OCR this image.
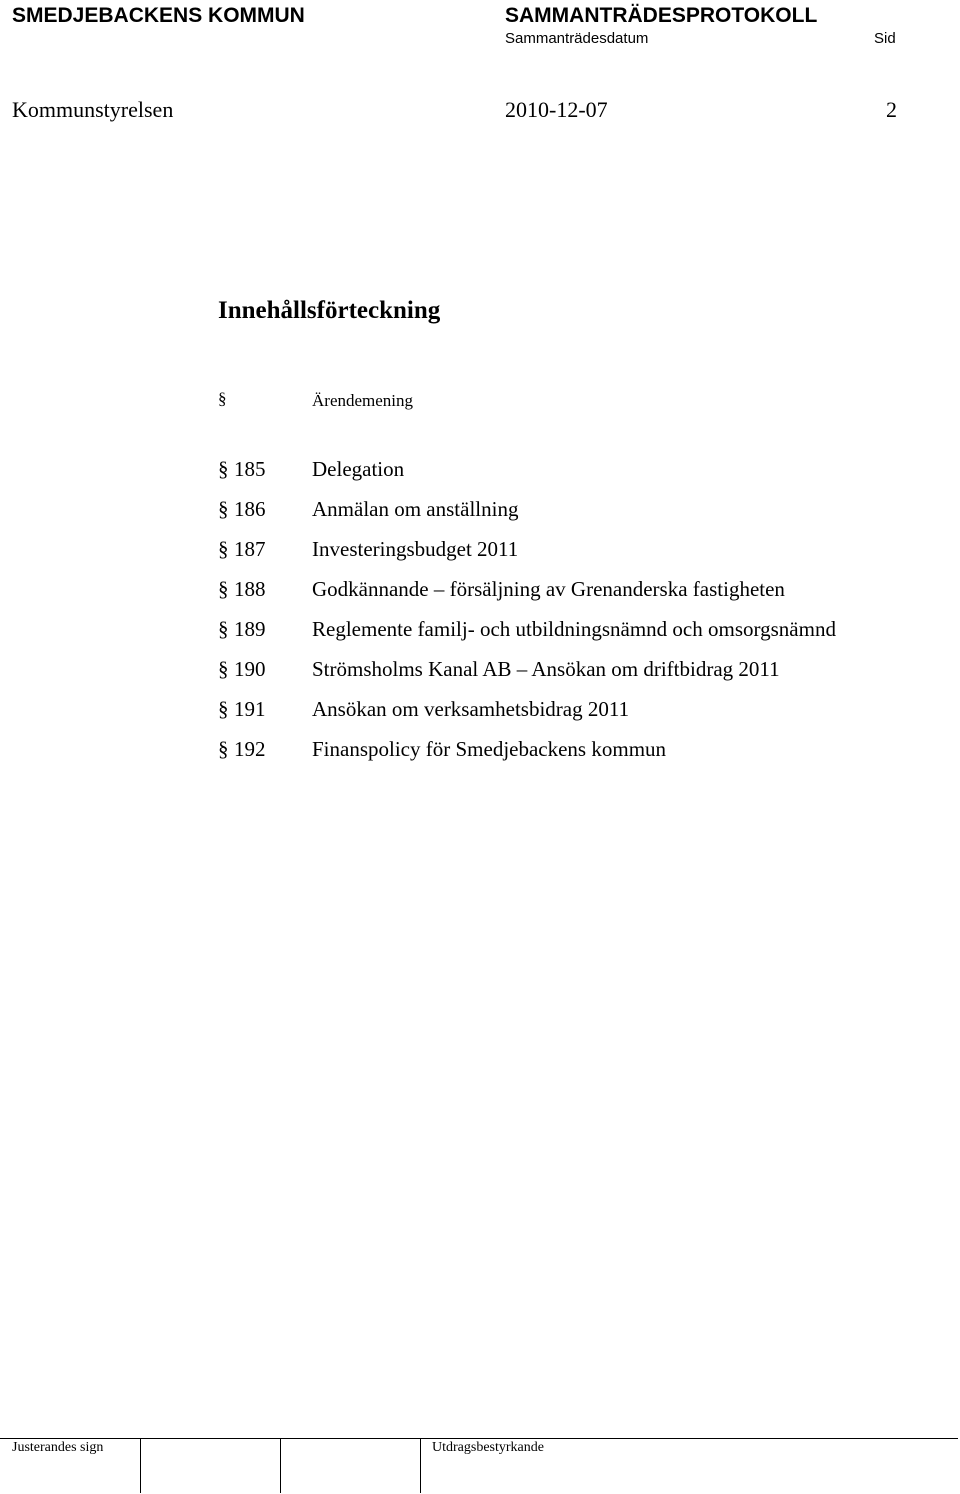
SMEDJEBACKENS KOMMUN	SAMMANTRÄDESPROTOKOLL
Sammanträdesdatum	Sid
Kommunstyrelsen	2010-12-07	2
Innehållsförteckning
§	Ärendemening
§ 185 Delegation
§ 186 Anmälan om anställning
§ 187 Investeringsbudget 2011
§ 188 Godkännande – försäljning av Grenanderska fastigheten
§ 189 Reglemente familj- och utbildningsnämnd och omsorgsnämnd
§ 190 Strömsholms Kanal AB – Ansökan om driftbidrag 2011
§ 191 Ansökan om verksamhetsbidrag 2011
§ 192 Finanspolicy för Smedjebackens kommun
Justerandes sign	Utdragsbestyrkande
